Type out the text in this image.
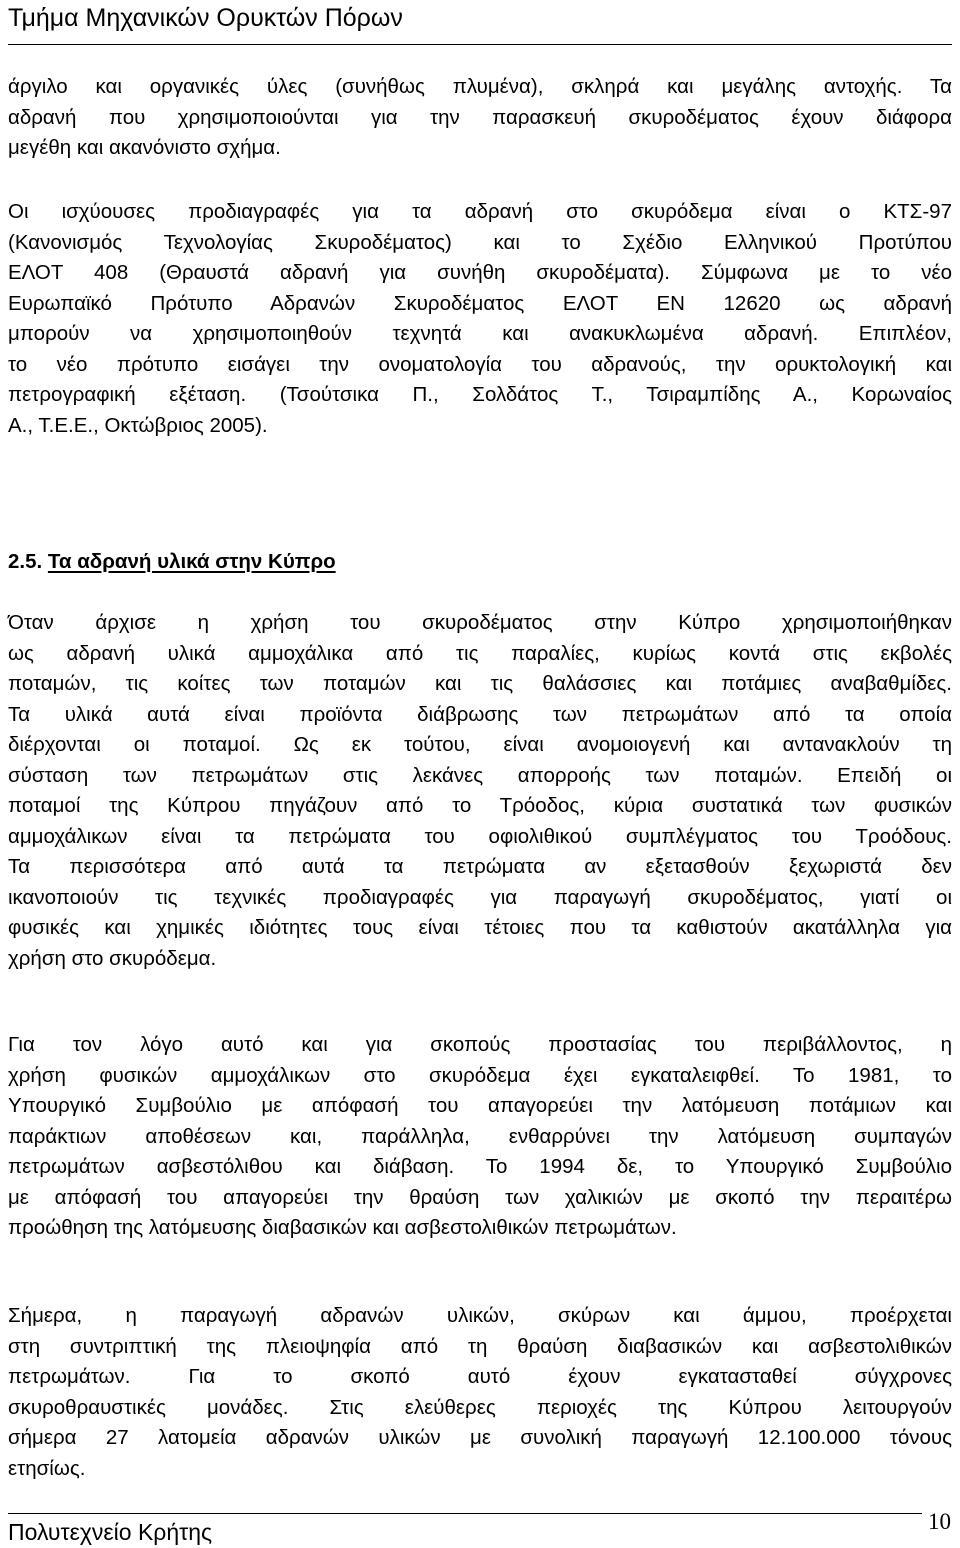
Τμήμα Μηχανικών Ορυκτών Πόρων
άργιλο και οργανικές ύλες (συνήθως πλυμένα), σκληρά και μεγάλης αντοχής. Τα
αδρανή που χρησιμοποιούνται για την παρασκευή σκυροδέματος έχουν διάφορα
μεγέθη και ακανόνιστο σχήμα.
Οι ισχύουσες προδιαγραφές για τα αδρανή στο σκυρόδεμα είναι ο ΚΤΣ-97
(Κανονισμός Τεχνολογίας Σκυροδέματος) και το Σχέδιο Ελληνικού Προτύπου
ΕΛΟΤ 408 (Θραυστά αδρανή για συνήθη σκυροδέματα). Σύμφωνα με το νέο
Ευρωπαϊκό Πρότυπο Αδρανών Σκυροδέματος ΕΛΟΤ ΕΝ 12620 ως αδρανή
μπορούν να χρησιμοποιηθούν τεχνητά και ανακυκλωμένα αδρανή. Επιπλέον,
το νέο πρότυπο εισάγει την ονοματολογία του αδρανούς, την ορυκτολογική και
πετρογραφική εξέταση. (Τσούτσικα Π., Σολδάτος Τ., Τσιραμπίδης Α., Κορωναίος
Α., Τ.Ε.Ε., Οκτώβριος 2005).
2.5. Τα αδρανή υλικά στην Κύπρο
Όταν άρχισε η χρήση του σκυροδέματος στην Κύπρο χρησιμοποιήθηκαν
ως αδρανή υλικά αμμοχάλικα από τις παραλίες, κυρίως κοντά στις εκβολές
ποταμών, τις κοίτες των ποταμών και τις θαλάσσιες και ποτάμιες αναβαθμίδες.
Τα υλικά αυτά είναι προϊόντα διάβρωσης των πετρωμάτων από τα οποία
διέρχονται οι ποταμοί. Ως εκ τούτου, είναι ανομοιογενή και αντανακλούν τη
σύσταση των πετρωμάτων στις λεκάνες απορροής των ποταμών. Επειδή οι
ποταμοί της Κύπρου πηγάζουν από το Τρόοδος, κύρια συστατικά των φυσικών
αμμοχάλικων είναι τα πετρώματα του οφιολιθικού συμπλέγματος του Τροόδους.
Τα περισσότερα από αυτά τα πετρώματα αν εξετασθούν ξεχωριστά δεν
ικανοποιούν τις τεχνικές προδιαγραφές για παραγωγή σκυροδέματος, γιατί οι
φυσικές και χημικές ιδιότητες τους είναι τέτοιες που τα καθιστούν ακατάλληλα για
χρήση στο σκυρόδεμα.
Για τον λόγο αυτό και για σκοπούς προστασίας του περιβάλλοντος, η
χρήση φυσικών αμμοχάλικων στο σκυρόδεμα έχει εγκαταλειφθεί. Το 1981, το
Υπουργικό Συμβούλιο με απόφασή του απαγορεύει την λατόμευση ποτάμιων και
παράκτιων αποθέσεων και, παράλληλα, ενθαρρύνει την λατόμευση συμπαγών
πετρωμάτων ασβεστόλιθου και διάβαση. Το 1994 δε, το Υπουργικό Συμβούλιο
με απόφασή του απαγορεύει την θραύση των χαλικιών με σκοπό την περαιτέρω
προώθηση της λατόμευσης διαβασικών και ασβεστολιθικών πετρωμάτων.
Σήμερα, η παραγωγή αδρανών υλικών, σκύρων και άμμου, προέρχεται
στη συντριπτική της πλειοψηφία από τη θραύση διαβασικών και ασβεστολιθικών
πετρωμάτων. Για το σκοπό αυτό έχουν εγκατασταθεί σύγχρονες
σκυροθραυστικές μονάδες. Στις ελεύθερες περιοχές της Κύπρου λειτουργούν
σήμερα 27 λατομεία αδρανών υλικών με συνολική παραγωγή 12.100.000 τόνους
ετησίως.
Πολυτεχνείο Κρήτης	10
